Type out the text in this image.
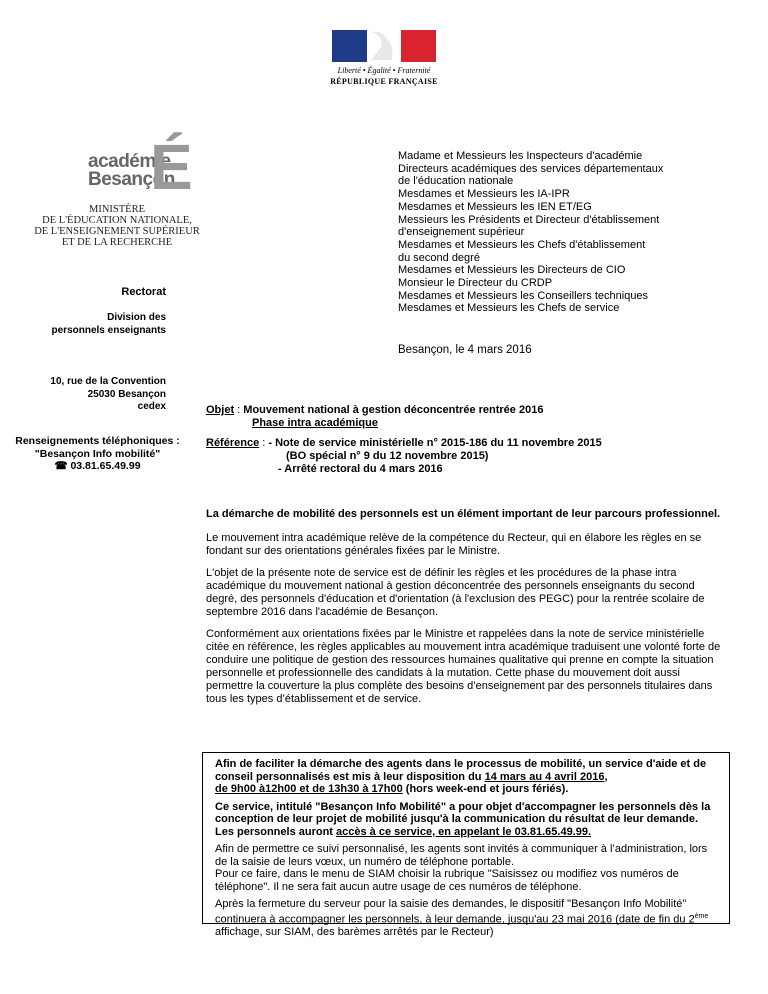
Liberté • Égalité • Fraternité
RÉPUBLIQUE FRANÇAISE
académie
Besançon
É
MINISTÈRE
DE L'ÉDUCATION NATIONALE,
DE L'ENSEIGNEMENT SUPÉRIEUR
ET DE LA RECHERCHE
Rectorat
Division des
personnels enseignants
10, rue de la Convention
25030 Besançon
cedex
Renseignements téléphoniques :
"Besançon Info mobilité"
☎ 03.81.65.49.99
Madame et Messieurs les Inspecteurs d'académie
Directeurs académiques des services départementaux
de l'éducation nationale
Mesdames et Messieurs les IA-IPR
Mesdames et Messieurs les IEN ET/EG
Messieurs les Présidents et Directeur d'établissement
d'enseignement supérieur
Mesdames et Messieurs les Chefs d'établissement
du second degré
Mesdames et Messieurs les Directeurs de CIO
Monsieur le Directeur du CRDP
Mesdames et Messieurs les Conseillers techniques
Mesdames et Messieurs les Chefs de service
Besançon, le 4 mars 2016
Objet : Mouvement national à gestion déconcentrée rentrée 2016
Phase intra académique
Référence : - Note de service ministérielle n° 2015-186 du 11 novembre 2015
(BO spécial n° 9 du 12 novembre 2015)
- Arrêté rectoral du 4 mars 2016

La démarche de mobilité des personnels est un élément important de leur parcours professionnel.

Le mouvement intra académique relève de la compétence du Recteur, qui en élabore les règles en se fondant sur des orientations générales fixées par le Ministre.

L'objet de la présente note de service est de définir les règles et les procédures de la phase intra académique du mouvement national à gestion déconcentrée des personnels enseignants du second degré, des personnels d'éducation et d'orientation (à l'exclusion des PEGC) pour la rentrée scolaire de septembre 2016 dans l'académie de Besançon.

Conformément aux orientations fixées par le Ministre et rappelées dans la note de service ministérielle citée en référence, les règles applicables au mouvement intra académique traduisent une volonté forte de conduire une politique de gestion des ressources humaines qualitative qui prenne en compte la situation personnelle et professionnelle des candidats à la mutation. Cette phase du mouvement doit aussi permettre la couverture la plus complète des besoins d’enseignement par des personnels titulaires dans tous les types d’établissement et de service.

Afin de faciliter la démarche des agents dans le processus de mobilité, un service d'aide et de conseil personnalisés est mis à leur disposition du 14 mars au 4 avril 2016,
de 9h00 à12h00 et de 13h30 à 17h00 (hors week-end et jours fériés).

Ce service, intitulé "Besançon Info Mobilité" a pour objet d'accompagner les personnels dès la conception de leur projet de mobilité jusqu'à la communication du résultat de leur demande.
Les personnels auront accès à ce service, en appelant le 03.81.65.49.99.

Afin de permettre ce suivi personnalisé, les agents sont invités à communiquer à l’administration, lors de la saisie de leurs vœux, un numéro de téléphone portable.
Pour ce faire, dans le menu de SIAM choisir la rubrique "Saisissez ou modifiez vos numéros de téléphone". Il ne sera fait aucun autre usage de ces numéros de téléphone.

Après la fermeture du serveur pour la saisie des demandes, le dispositif "Besançon Info Mobilité" continuera à accompagner les personnels, à leur demande, jusqu'au 23 mai 2016 (date de fin du 2ème affichage, sur SIAM, des barèmes arrêtés par le Recteur)
